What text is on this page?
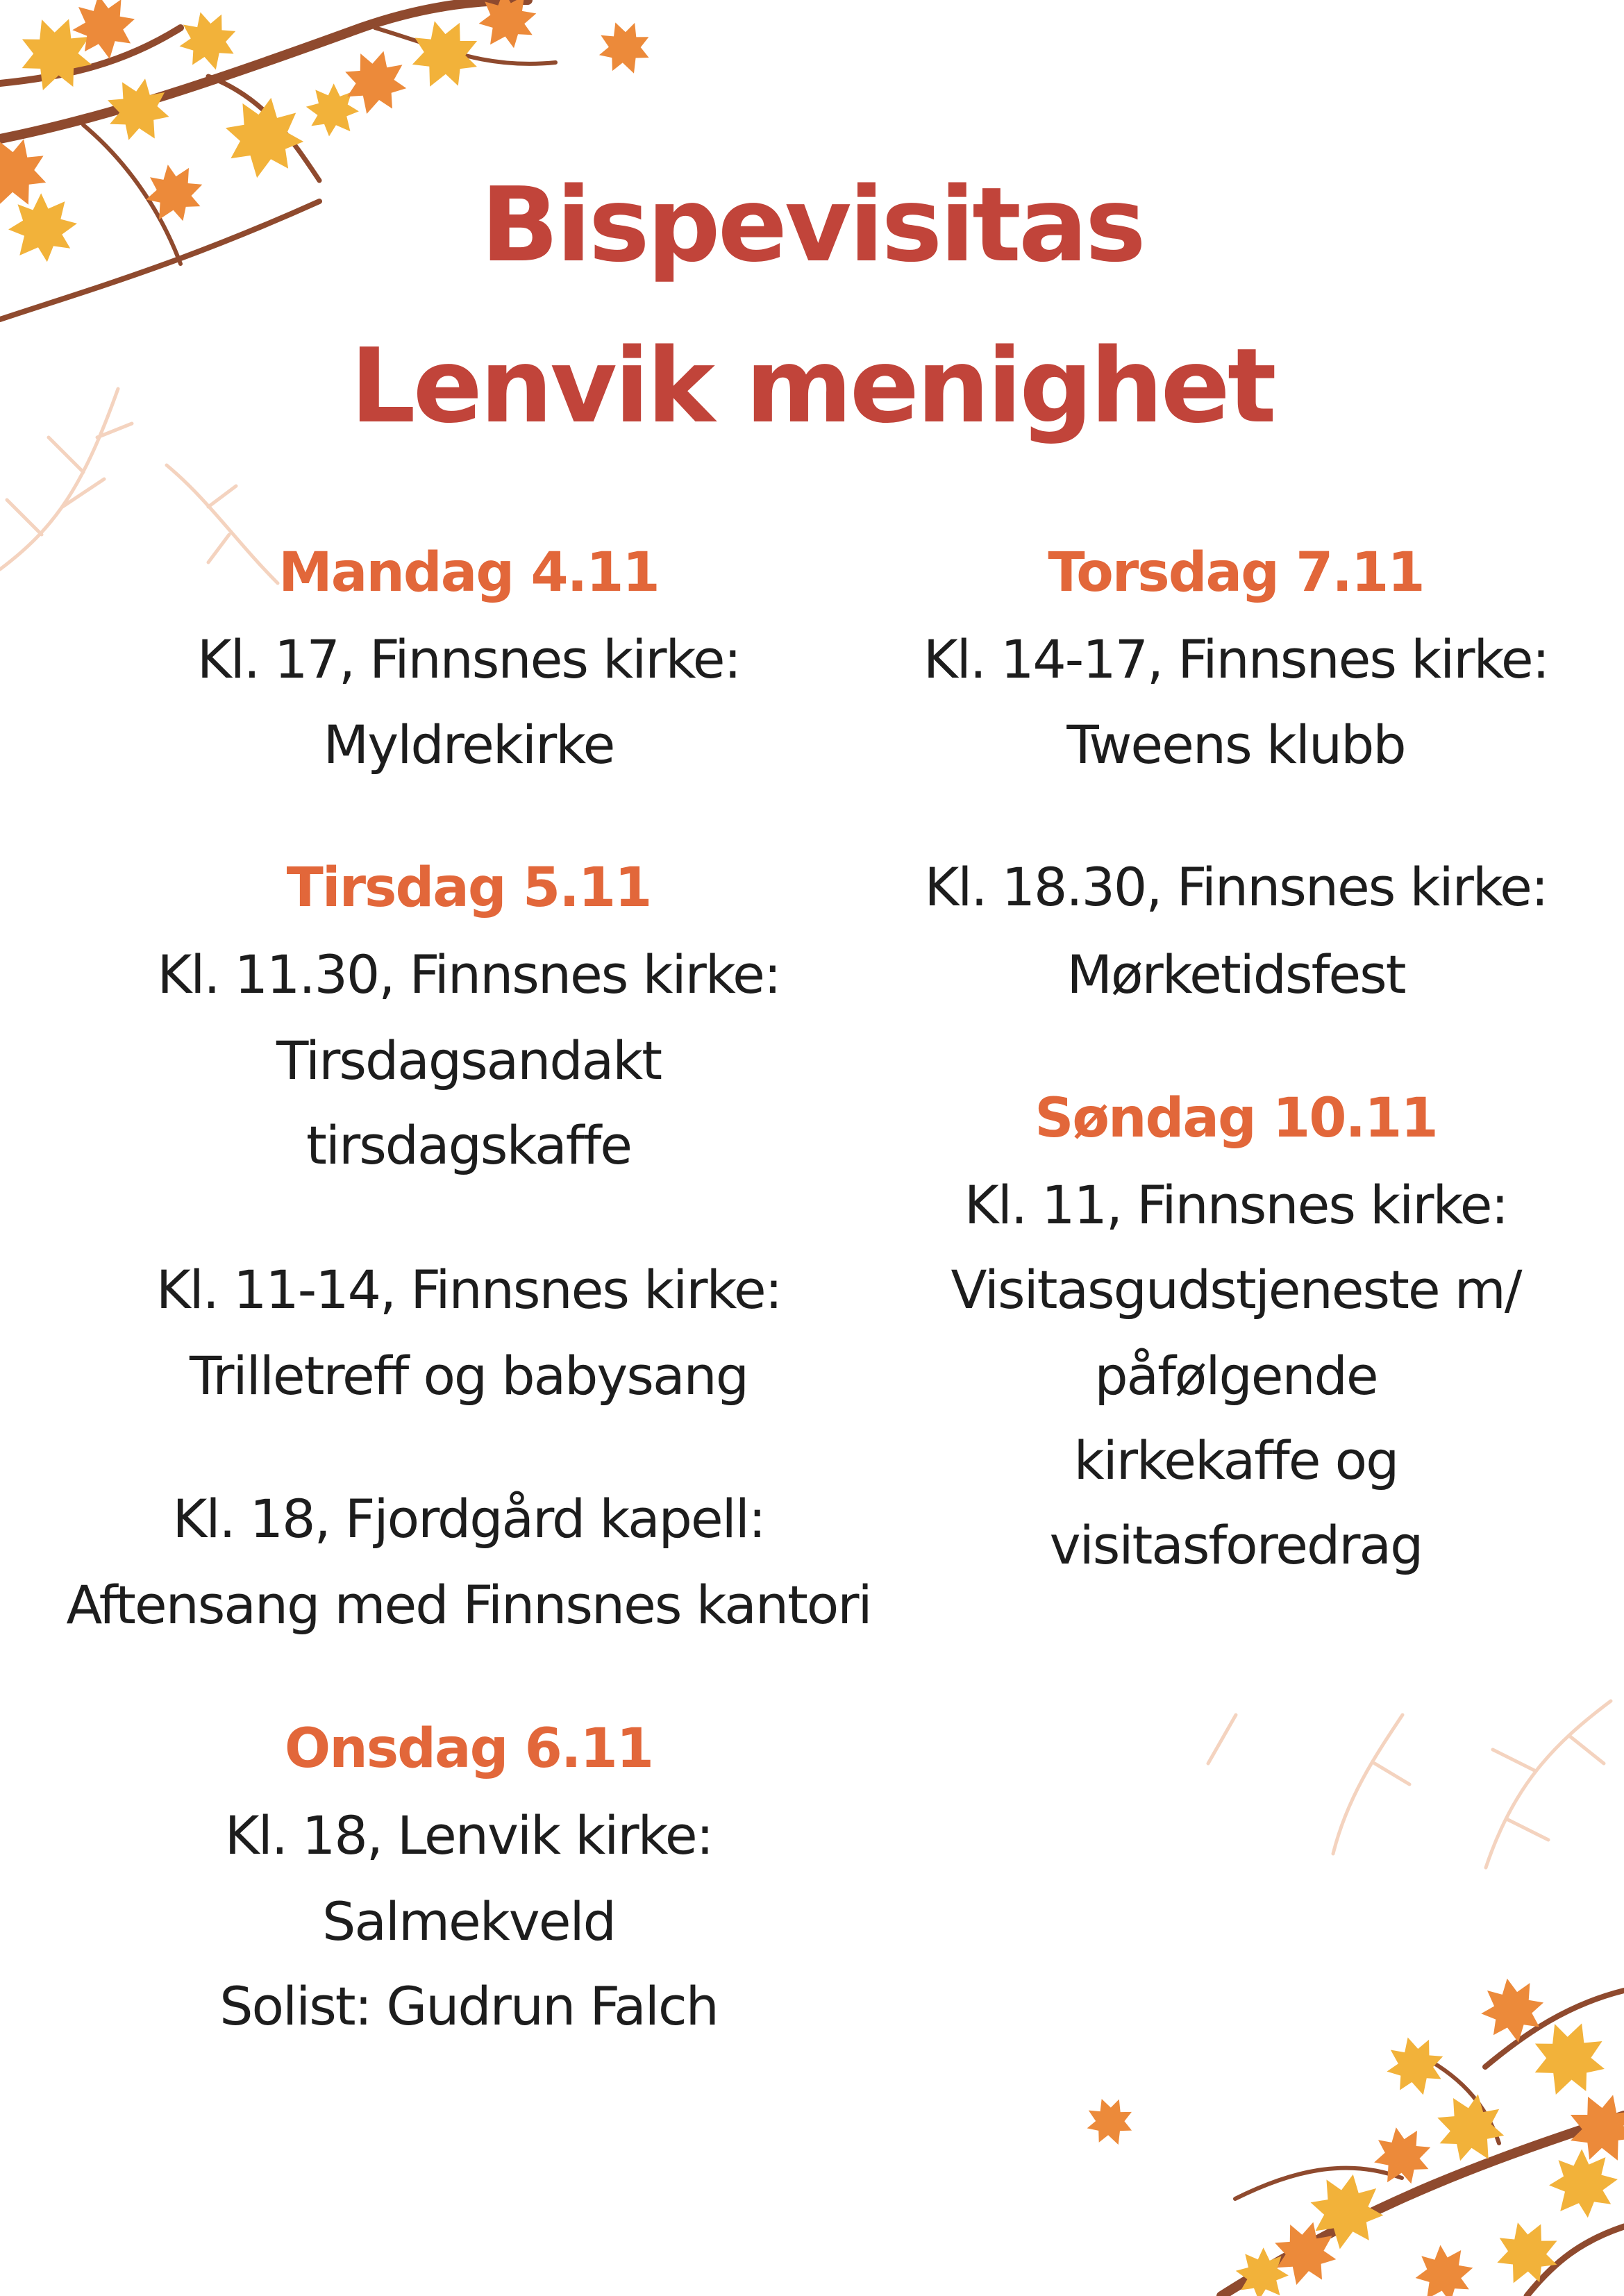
Bispevisitas
Lenvik menighet
Mandag 4.11
Kl. 17, Finnsnes kirke:
Myldrekirke
Tirsdag 5.11
Kl. 11.30, Finnsnes kirke:
Tirsdagsandakt
tirsdagskaffe
Kl. 11-14, Finnsnes kirke:
Trilletreff og babysang
Kl. 18, Fjordgård kapell:
Aftensang med Finnsnes kantori
Onsdag 6.11
Kl. 18, Lenvik kirke:
Salmekveld
Solist: Gudrun Falch
Torsdag 7.11
Kl. 14-17, Finnsnes kirke:
Tweens klubb
Kl. 18.30, Finnsnes kirke:
Mørketidsfest
Søndag 10.11
Kl. 11, Finnsnes kirke:
Visitasgudstjeneste m/
påfølgende
kirkekaffe og
visitasforedrag
